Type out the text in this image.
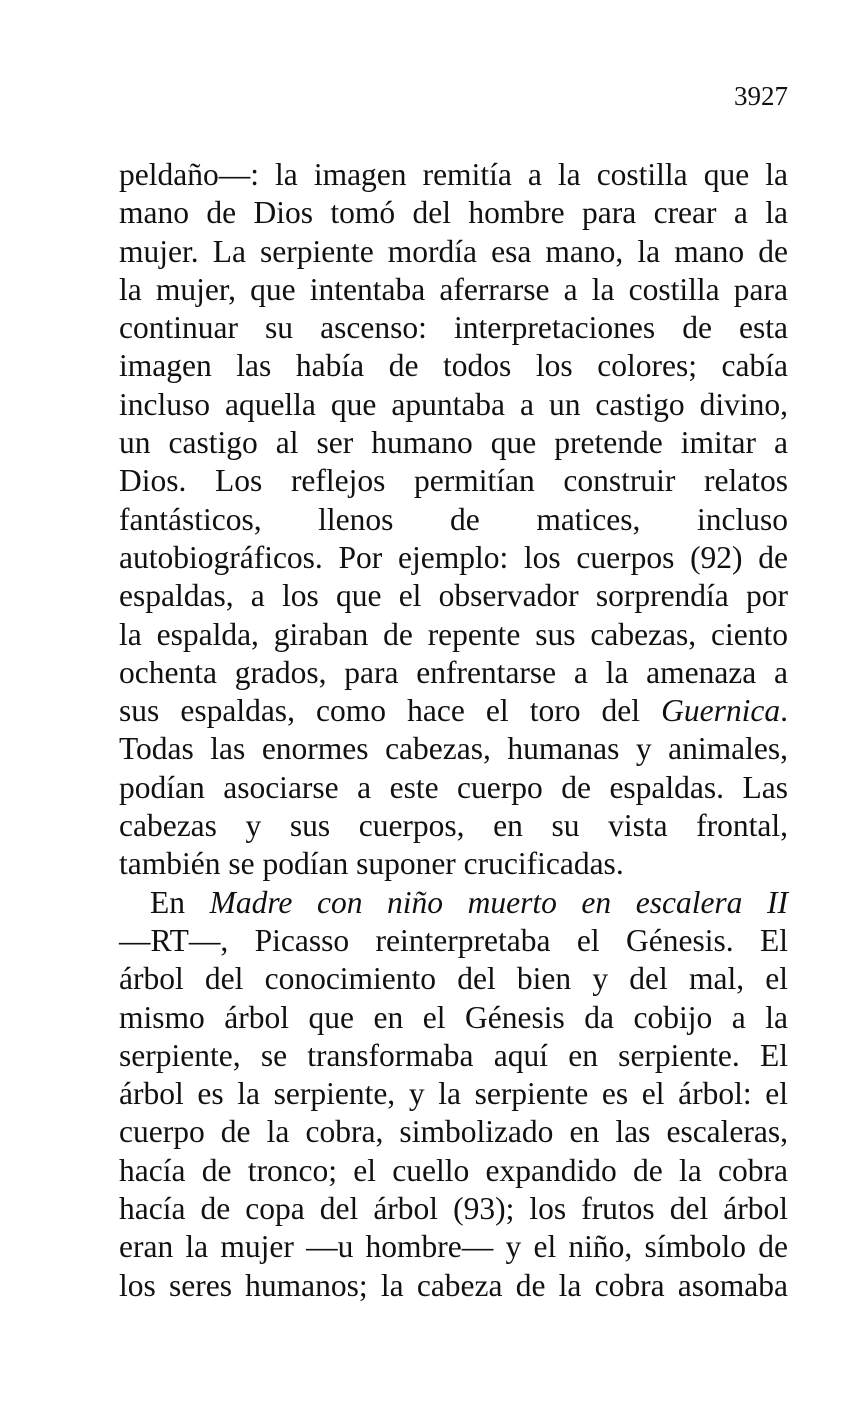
3927
peldaño—: la imagen remitía a la costilla que la
mano de Dios tomó del hombre para crear a la
mujer. La serpiente mordía esa mano, la mano de
la mujer, que intentaba aferrarse a la costilla para
continuar su ascenso: interpretaciones de esta
imagen las había de todos los colores; cabía
incluso aquella que apuntaba a un castigo divino,
un castigo al ser humano que pretende imitar a
Dios. Los reflejos permitían construir relatos
fantásticos, llenos de matices, incluso
autobiográficos. Por ejemplo: los cuerpos (92) de
espaldas, a los que el observador sorprendía por
la espalda, giraban de repente sus cabezas, ciento
ochenta grados, para enfrentarse a la amenaza a
sus espaldas, como hace el toro del Guernica.
Todas las enormes cabezas, humanas y animales,
podían asociarse a este cuerpo de espaldas. Las
cabezas y sus cuerpos, en su vista frontal,
también se podían suponer crucificadas.
En Madre con niño muerto en escalera II
—RT—, Picasso reinterpretaba el Génesis. El
árbol del conocimiento del bien y del mal, el
mismo árbol que en el Génesis da cobijo a la
serpiente, se transformaba aquí en serpiente. El
árbol es la serpiente, y la serpiente es el árbol: el
cuerpo de la cobra, simbolizado en las escaleras,
hacía de tronco; el cuello expandido de la cobra
hacía de copa del árbol (93); los frutos del árbol
eran la mujer —u hombre— y el niño, símbolo de
los seres humanos; la cabeza de la cobra asomaba
